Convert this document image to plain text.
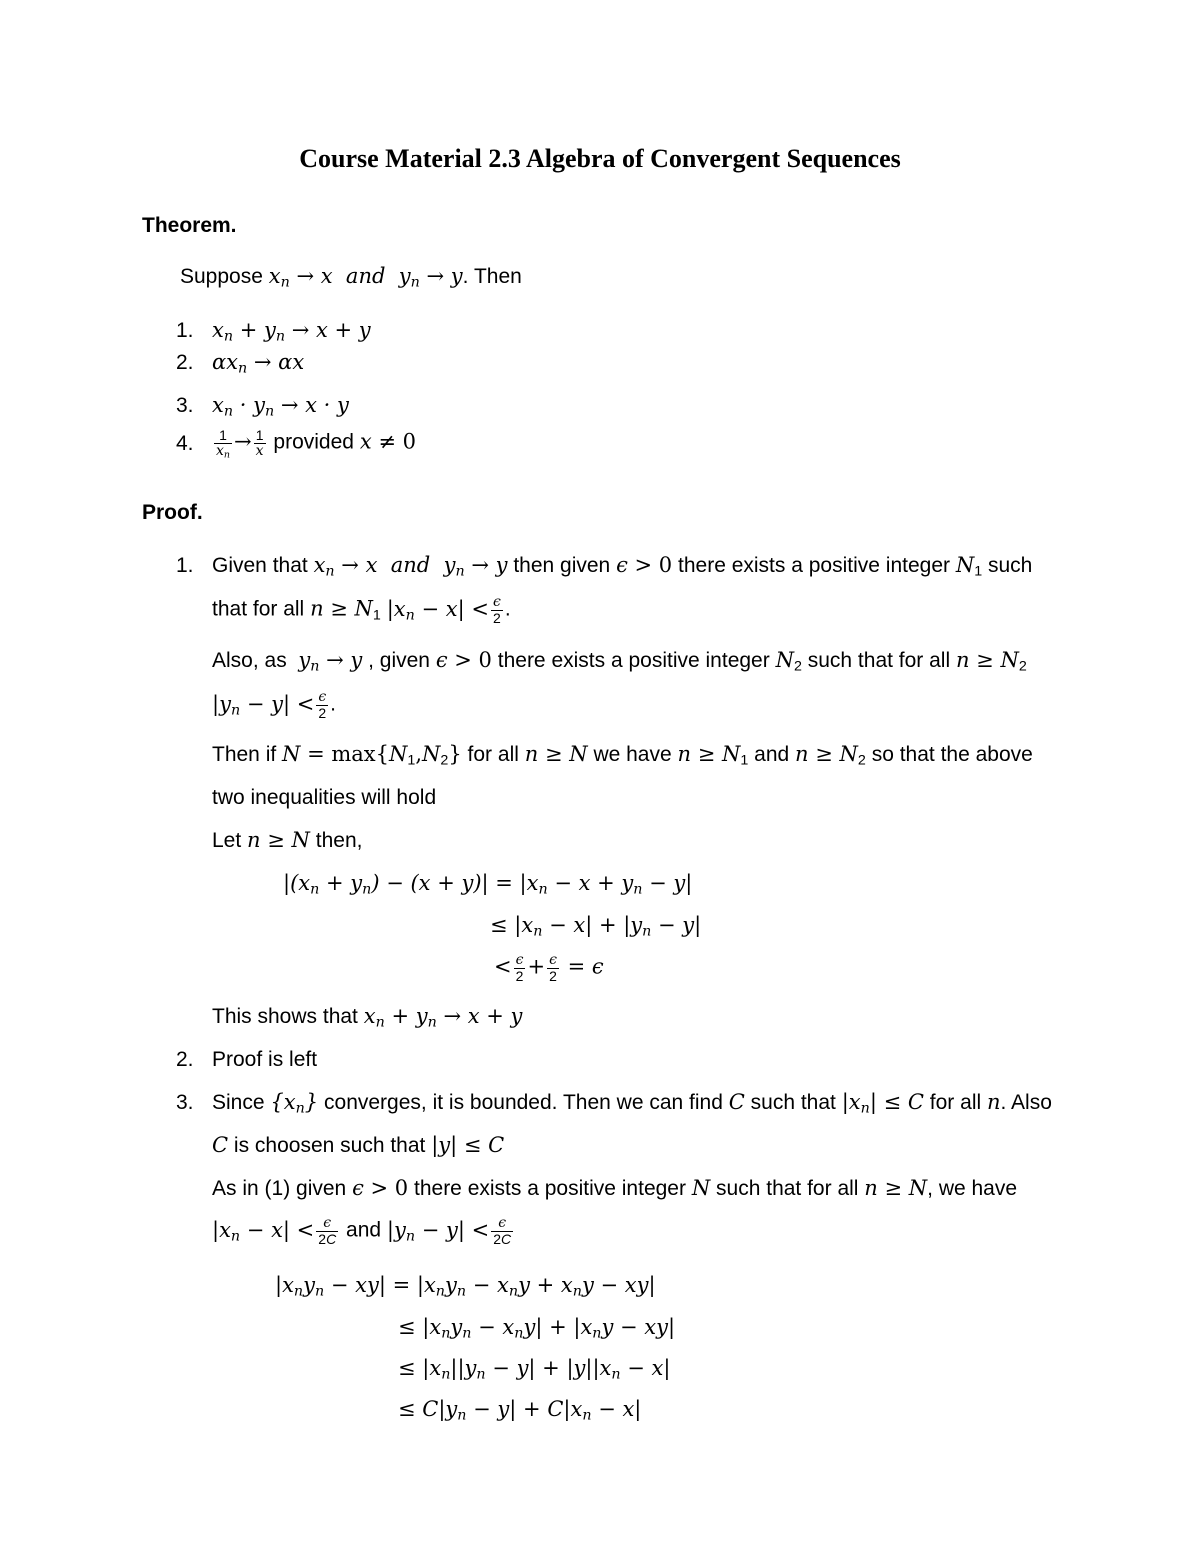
Course Material 2.3 Algebra of Convergent Sequences
Theorem.
Suppose $x_n \to x$  and  $y_n \to y$. Then
1. $x_n + y_n \to x + y$
2. $\alpha x_n \to \alpha x$
3. $x_n \cdot y_n \to x \cdot y$
4. $\frac{1}{x_n} \to \frac{1}{x}$ provided x ≠ 0
Proof.
1. Given that $x_n \to x$  and  $y_n \to y$ then given ϵ > 0 there exists a positive integer $N_1$ such
that for all $n \ge N_1$ $|x_n - x| < \frac{\epsilon}{2}$ .
Also, as $y_n \to y$ , given ϵ > 0 there exists a positive integer $N_2$ such that for all $n \ge N_2$
$|y_n - y| < \frac{\epsilon}{2}$ .
Then if $N = \max\{N_1,N_2\}$ for all n ≥ N we have $n \ge N_1$ and $n \ge N_2$ so that the above
two inequalities will hold
Let n ≥ N then,
$|(x_n + y_n) - (x + y)| = |x_n - x + y_n - y|$
≤ $|x_n - x| + |y_n - y|$
< $\frac{\epsilon}{2} + \frac{\epsilon}{2} = \epsilon$
This shows that $x_n + y_n \to x + y$
2. Proof is left
3. Since $\{x_n\}$ converges, it is bounded. Then we can find C such that $|x_n| \le C$ for all n. Also
C is choosen such that |y| ≤ C
As in (1) given ϵ > 0 there exists a positive integer N such that for all n ≥ N, we have
$|x_n - x| < \frac{\epsilon}{2C}$ and $|y_n - y| < \frac{\epsilon}{2C}$
$|x_ny_n - xy| = |x_ny_n - x_ny + x_ny - xy|$
≤ $|x_ny_n - x_ny| + |x_ny - xy|$
≤ $|x_n||y_n - y| + |y||x_n - x|$
≤ $C|y_n - y| + C|x_n - x|$
